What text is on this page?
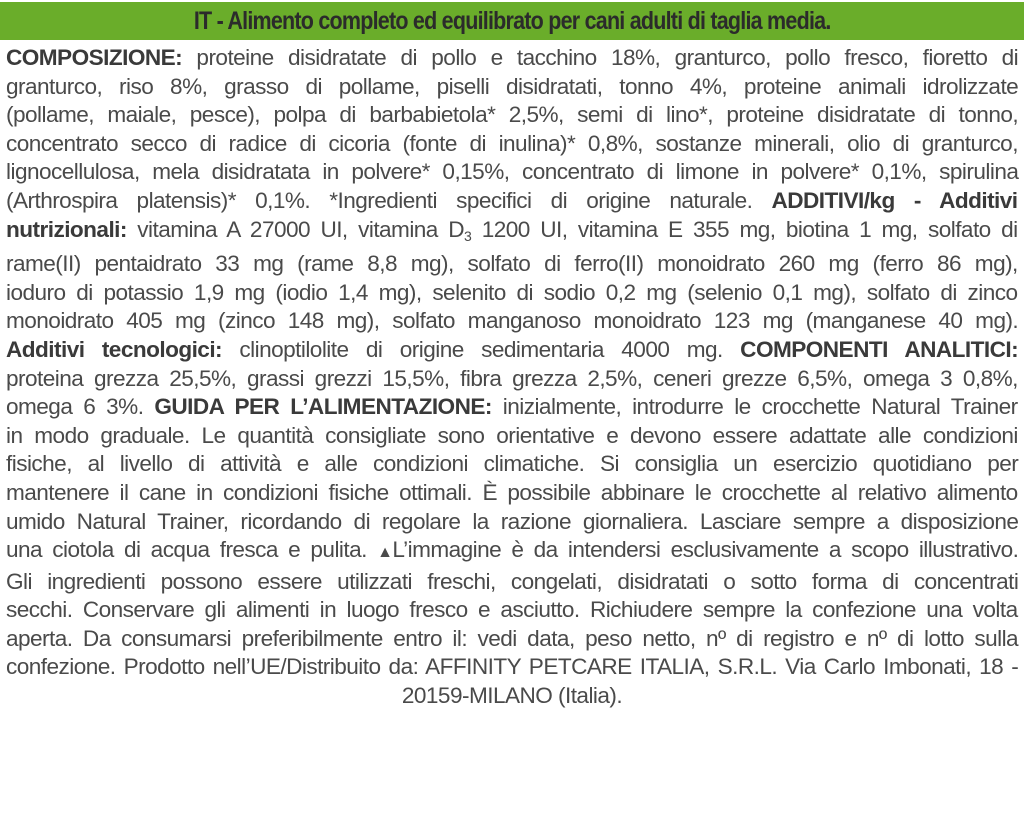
IT - Alimento completo ed equilibrato per cani adulti di taglia media.
COMPOSIZIONE: proteine disidratate di pollo e tacchino 18%, granturco, pollo fresco, fioretto di
granturco, riso 8%, grasso di pollame, piselli disidratati, tonno 4%, proteine animali idrolizzate
(pollame, maiale, pesce), polpa di barbabietola* 2,5%, semi di lino*, proteine disidratate di tonno,
concentrato secco di radice di cicoria (fonte di inulina)* 0,8%, sostanze minerali, olio di granturco,
lignocellulosa, mela disidratata in polvere* 0,15%, concentrato di limone in polvere* 0,1%, spirulina
(Arthrospira platensis)* 0,1%. *Ingredienti specifici di origine naturale. ADDITIVI/kg - Additivi
nutrizionali: vitamina A 27000 UI, vitamina $D_3$ 1200 UI, vitamina E 355 mg, biotina 1 mg, solfato di
rame(II) pentaidrato 33 mg (rame 8,8 mg), solfato di ferro(II) monoidrato 260 mg (ferro 86 mg),
ioduro di potassio 1,9 mg (iodio 1,4 mg), selenito di sodio 0,2 mg (selenio 0,1 mg), solfato di zinco
monoidrato 405 mg (zinco 148 mg), solfato manganoso monoidrato 123 mg (manganese 40 mg).
Additivi tecnologici: clinoptilolite di origine sedimentaria 4000 mg. COMPONENTI ANALITICI:
proteina grezza 25,5%, grassi grezzi 15,5%, fibra grezza 2,5%, ceneri grezze 6,5%, omega 3 0,8%,
omega 6 3%. GUIDA PER L’ALIMENTAZIONE: inizialmente, introdurre le crocchette Natural Trainer
in modo graduale. Le quantità consigliate sono orientative e devono essere adattate alle condizioni
fisiche, al livello di attività e alle condizioni climatiche. Si consiglia un esercizio quotidiano per
mantenere il cane in condizioni fisiche ottimali. È possibile abbinare le crocchette al relativo alimento
umido Natural Trainer, ricordando di regolare la razione giornaliera. Lasciare sempre a disposizione
una ciotola di acqua fresca e pulita. ▲L’immagine è da intendersi esclusivamente a scopo illustrativo.
Gli ingredienti possono essere utilizzati freschi, congelati, disidratati o sotto forma di concentrati
secchi. Conservare gli alimenti in luogo fresco e asciutto. Richiudere sempre la confezione una volta
aperta. Da consumarsi preferibilmente entro il: vedi data, peso netto, nº di registro e nº di lotto sulla
confezione. Prodotto nell’UE/Distribuito da: AFFINITY PETCARE ITALIA, S.R.L. Via Carlo Imbonati, 18 -
20159-MILANO (Italia).
